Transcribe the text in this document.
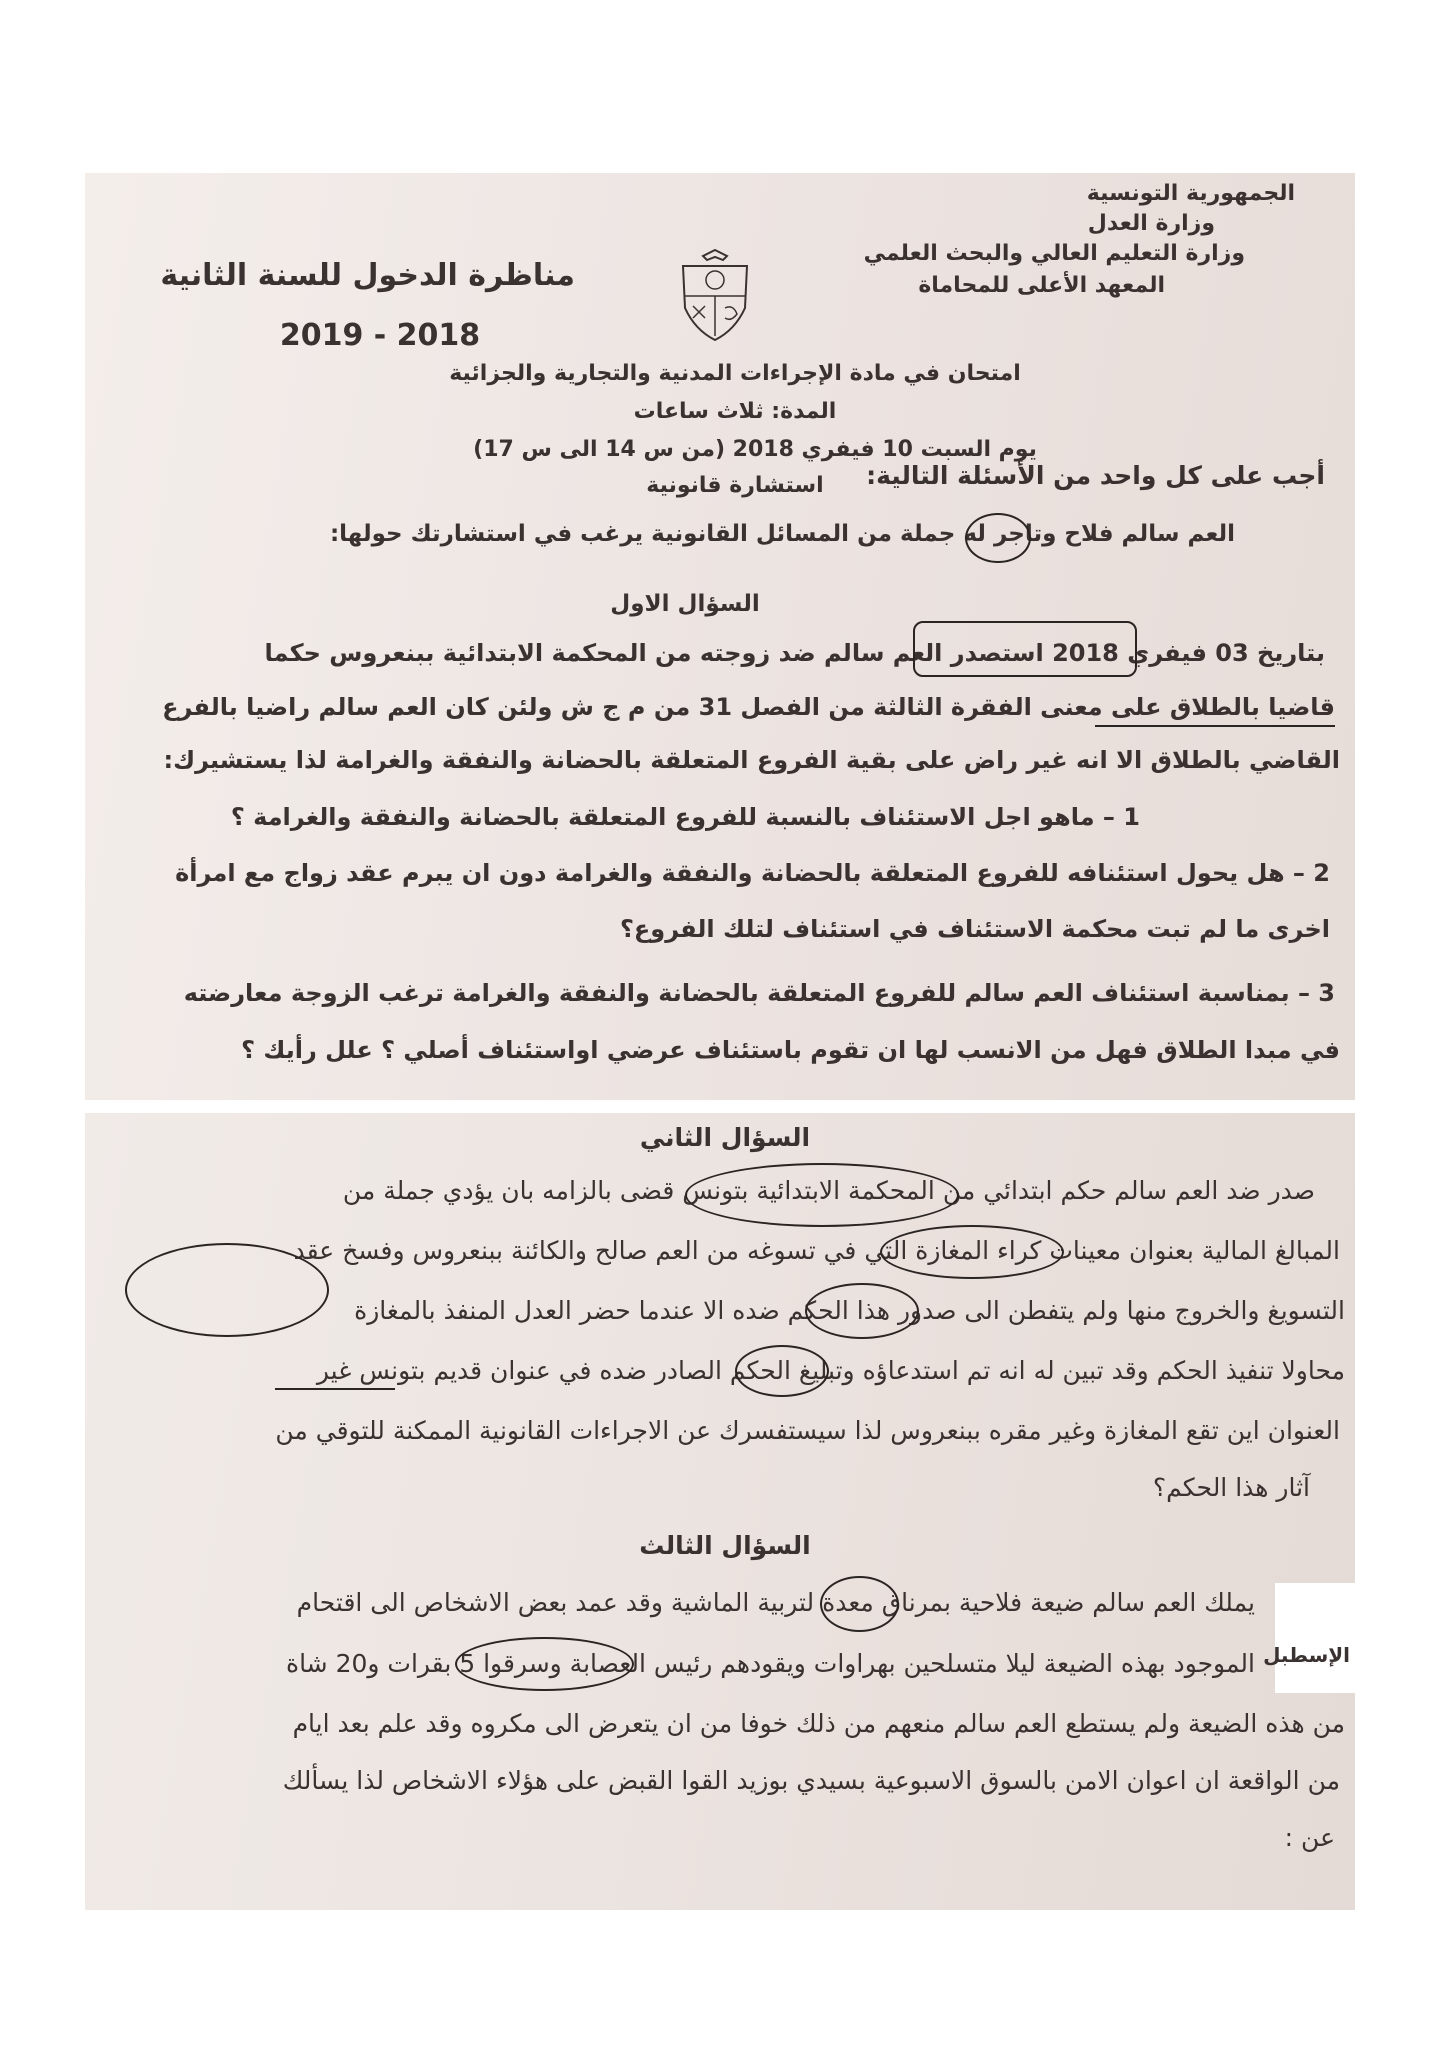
الجمهورية التونسية
وزارة العدل
وزارة التعليم العالي والبحث العلمي
المعهد الأعلى للمحاماة
مناظرة الدخول للسنة الثانية
2019 - 2018
امتحان في مادة الإجراءات المدنية والتجارية والجزائية
المدة: ثلاث ساعات
يوم السبت 10 فيفري 2018 (من س 14 الى س 17)
استشارة قانونية	أجب على كل واحد من الأسئلة التالية:
العم سالم فلاح وتاجر له جملة من المسائل القانونية يرغب في استشارتك حولها:
السؤال الاول
بتاريخ 03 فيفري 2018 استصدر العم سالم ضد زوجته من المحكمة الابتدائية ببنعروس حكما
قاضيا بالطلاق على معنى الفقرة الثالثة من الفصل 31 من م ج ش ولئن كان العم سالم راضيا بالفرع
القاضي بالطلاق الا انه غير راض على بقية الفروع المتعلقة بالحضانة والنفقة والغرامة لذا يستشيرك:
1 – ماهو اجل الاستئناف بالنسبة للفروع المتعلقة بالحضانة والنفقة والغرامة ؟
2 – هل يحول استئنافه للفروع المتعلقة بالحضانة والنفقة والغرامة دون ان يبرم عقد زواج مع امرأة
اخرى ما لم تبت محكمة الاستئناف في استئناف لتلك الفروع؟
3 – بمناسبة استئناف العم سالم للفروع المتعلقة بالحضانة والنفقة والغرامة ترغب الزوجة معارضته
في مبدا الطلاق فهل من الانسب لها ان تقوم باستئناف عرضي اواستئناف أصلي ؟ علل رأيك ؟
السؤال الثاني
صدر ضد العم سالم حكم ابتدائي من المحكمة الابتدائية بتونس قضى بالزامه بان يؤدي جملة من
المبالغ المالية بعنوان معينات كراء المغازة التي في تسوغه من العم صالح والكائنة ببنعروس وفسخ عقد
التسويغ والخروج منها ولم يتفطن الى صدور هذا الحكم ضده الا عندما حضر العدل المنفذ بالمغازة
محاولا تنفيذ الحكم وقد تبين له انه تم استدعاؤه وتبليغ الحكم الصادر ضده في عنوان قديم بتونس غير
العنوان اين تقع المغازة وغير مقره ببنعروس لذا سيستفسرك عن الاجراءات القانونية الممكنة للتوقي من
آثار هذا الحكم؟
السؤال الثالث
يملك العم سالم ضيعة فلاحية بمرناق معدة لتربية الماشية وقد عمد بعض الاشخاص الى اقتحام
الإسطبل
الموجود بهذه الضيعة ليلا متسلحين بهراوات ويقودهم رئيس العصابة وسرقوا 5 بقرات و20 شاة
من هذه الضيعة ولم يستطع العم سالم منعهم من ذلك خوفا من ان يتعرض الى مكروه وقد علم بعد ايام
من الواقعة ان اعوان الامن بالسوق الاسبوعية بسيدي بوزيد القوا القبض على هؤلاء الاشخاص لذا يسألك
عن :
